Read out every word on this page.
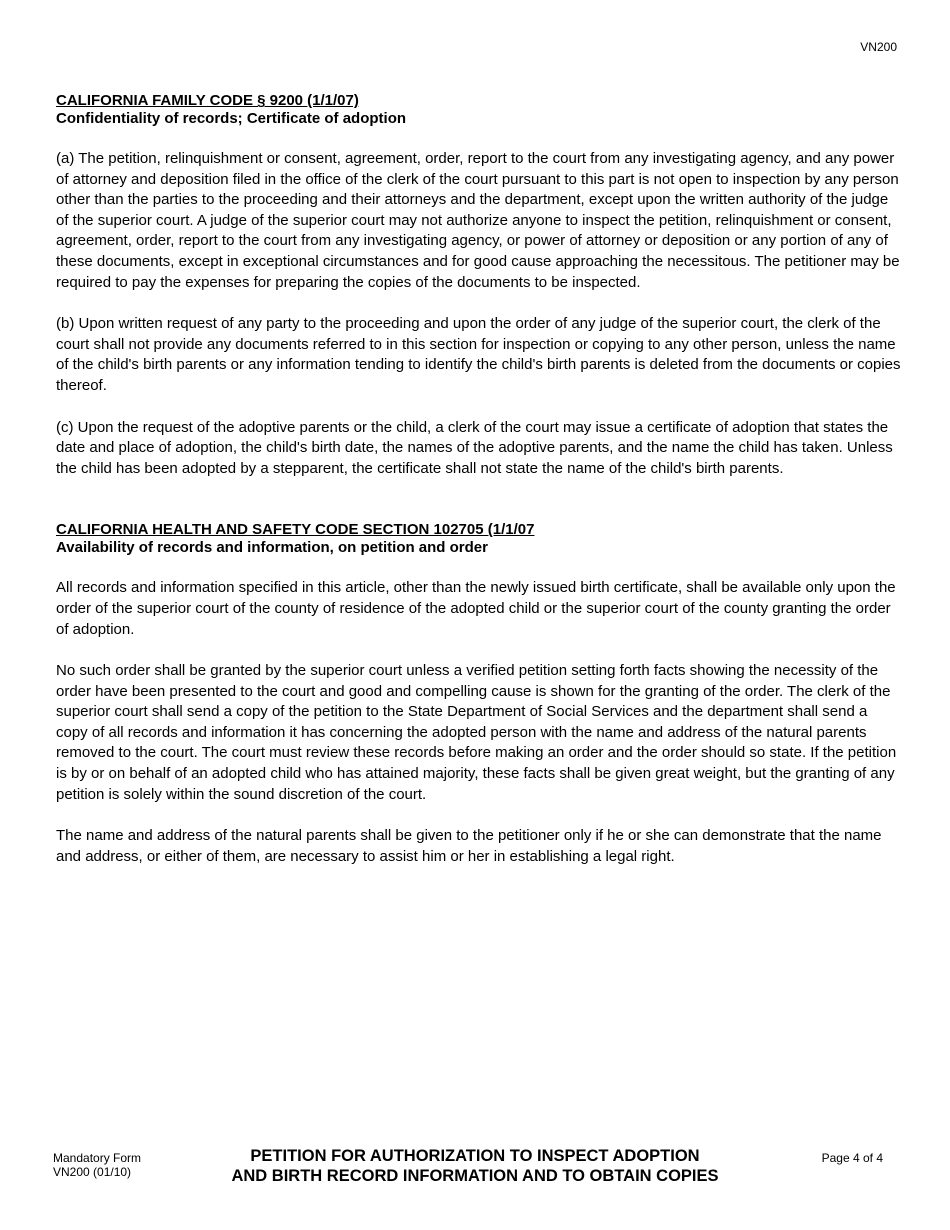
VN200
CALIFORNIA FAMILY CODE § 9200 (1/1/07)
Confidentiality of records; Certificate of adoption
(a) The petition, relinquishment or consent, agreement, order, report to the court from any investigating agency, and any power of attorney and deposition filed in the office of the clerk of the court pursuant to this part is not open to inspection by any person other than the parties to the proceeding and their attorneys and the department, except upon the written authority of the judge of the superior court. A judge of the superior court may not authorize anyone to inspect the petition, relinquishment or consent, agreement, order, report to the court from any investigating agency, or power of attorney or deposition or any portion of any of these documents, except in exceptional circumstances and for good cause approaching the necessitous. The petitioner may be required to pay the expenses for preparing the copies of the documents to be inspected.
(b) Upon written request of any party to the proceeding and upon the order of any judge of the superior court, the clerk of the court shall not provide any documents referred to in this section for inspection or copying to any other person, unless the name of the child's birth parents or any information tending to identify the child's birth parents is deleted from the documents or copies thereof.
(c) Upon the request of the adoptive parents or the child, a clerk of the court may issue a certificate of adoption that states the date and place of adoption, the child's birth date, the names of the adoptive parents, and the name the child has taken. Unless the child has been adopted by a stepparent, the certificate shall not state the name of the child's birth parents.
CALIFORNIA HEALTH AND SAFETY CODE SECTION 102705 (1/1/07
Availability of records and information, on petition and order
All records and information specified in this article, other than the newly issued birth certificate, shall be available only upon the order of the superior court of the county of residence of the adopted child or the superior court of the county granting the order of adoption.
No such order shall be granted by the superior court unless a verified petition setting forth facts showing the necessity of the order have been presented to the court and good and compelling cause is shown for the granting of the order. The clerk of the superior court shall send a copy of the petition to the State Department of Social Services and the department shall send a copy of all records and information it has concerning the adopted person with the name and address of the natural parents removed to the court. The court must review these records before making an order and the order should so state. If the petition is by or on behalf of an adopted child who has attained majority, these facts shall be given great weight, but the granting of any petition is solely within the sound discretion of the court.
The name and address of the natural parents shall be given to the petitioner only if he or she can demonstrate that the name and address, or either of them, are necessary to assist him or her in establishing a legal right.
Mandatory Form
VN200 (01/10)
PETITION FOR AUTHORIZATION TO INSPECT ADOPTION
AND BIRTH RECORD INFORMATION AND TO OBTAIN COPIES
Page 4 of 4
